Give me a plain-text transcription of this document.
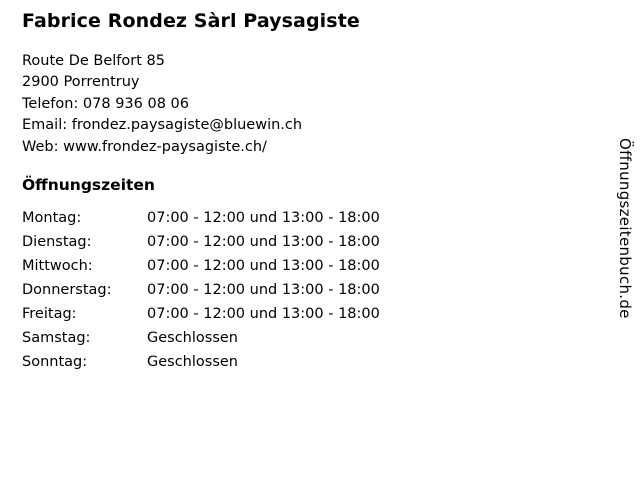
Fabrice Rondez Sàrl Paysagiste
Route De Belfort 85
2900 Porrentruy
Telefon: 078 936 08 06
Email: frondez.paysagiste@bluewin.ch
Web: www.frondez-paysagiste.ch/
Öffnungszeiten
Montag:	07:00 - 12:00 und 13:00 - 18:00
Dienstag:	07:00 - 12:00 und 13:00 - 18:00
Mittwoch:	07:00 - 12:00 und 13:00 - 18:00
Donnerstag:	07:00 - 12:00 und 13:00 - 18:00
Freitag:	07:00 - 12:00 und 13:00 - 18:00
Samstag:	Geschlossen
Sonntag:	Geschlossen
Öffnungszeitenbuch.de
